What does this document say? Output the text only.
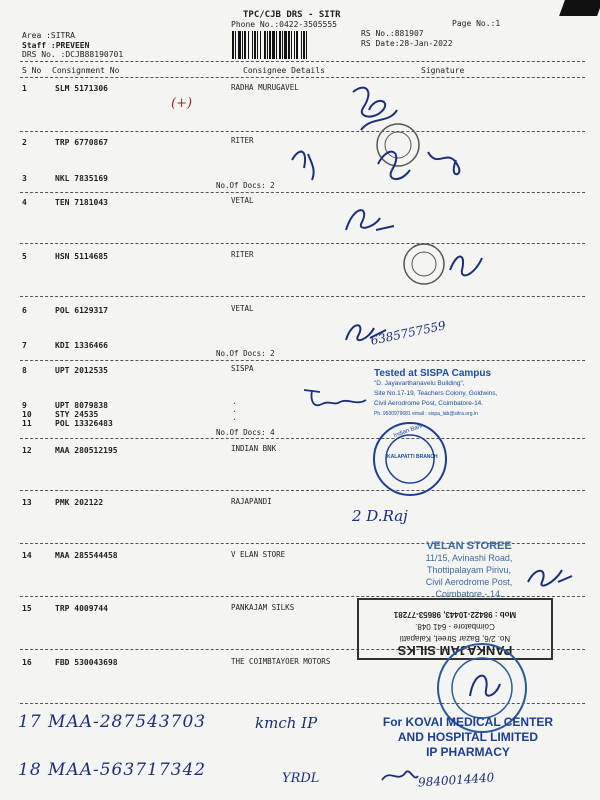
TPC/CJB DRS - SITR
Phone No.:0422-3505555	Page No.:1
Area :SITRA
Staff :PREVEEN
DRS No. :DCJB88190701
RS No.:881907
RS Date:28-Jan-2022
S No Consignment No	Consignee Details	Signature
1	SLM 5171306	RADHA MURUGAVEL
2	TRP 6770867	RITER
3	NKL 7835169
No.Of Docs: 2
4	TEN 7181043	VETAL
5	HSN 5114685	RITER
6	POL 6129317	VETAL
7	KDI 1336466
No.Of Docs: 2
8	UPT 2012535	SISPA
9	UPT 8079838
10	STY 24535
11	POL 13326483
No.Of Docs: 4
.
.
.
12	MAA 280512195	INDIAN BNK
13	PMK 202122	RAJAPANDI
14	MAA 285544458	V ELAN STORE
15	TRP 4009744	PANKAJAM SILKS
16	FBD 530043698	THE COIMBTAYOER MOTORS
(+)
6385757559
Tested at SISPA Campus
"D. Jayavarthanavelu Building",
Site No.17-19, Teachers Colony, Goldwins,
Civil Aerodrome Post, Coimbatore-14.
Ph. 9500979681 email : sispa_lab@sitra.org.in
Indian Bank
KALAPATTI BRANCH
2 D.Raj
VELAN STOREE
11/15, Avinashi Road,
Thottipalayam Pirivu,
Civil Aerodrome Post,
Coimbatore - 14.
PANKAJAM SILKS
No. 2/6, Bazar Street, Kalapatti
Coimbatore - 641 048.
Mob : 98422-10443, 98653-77281
For KOVAI MEDICAL CENTER
AND HOSPITAL LIMITED
IP PHARMACY
17 MAA-287543703	kmch IP
18 MAA-563717342	YRDL	9840014440
